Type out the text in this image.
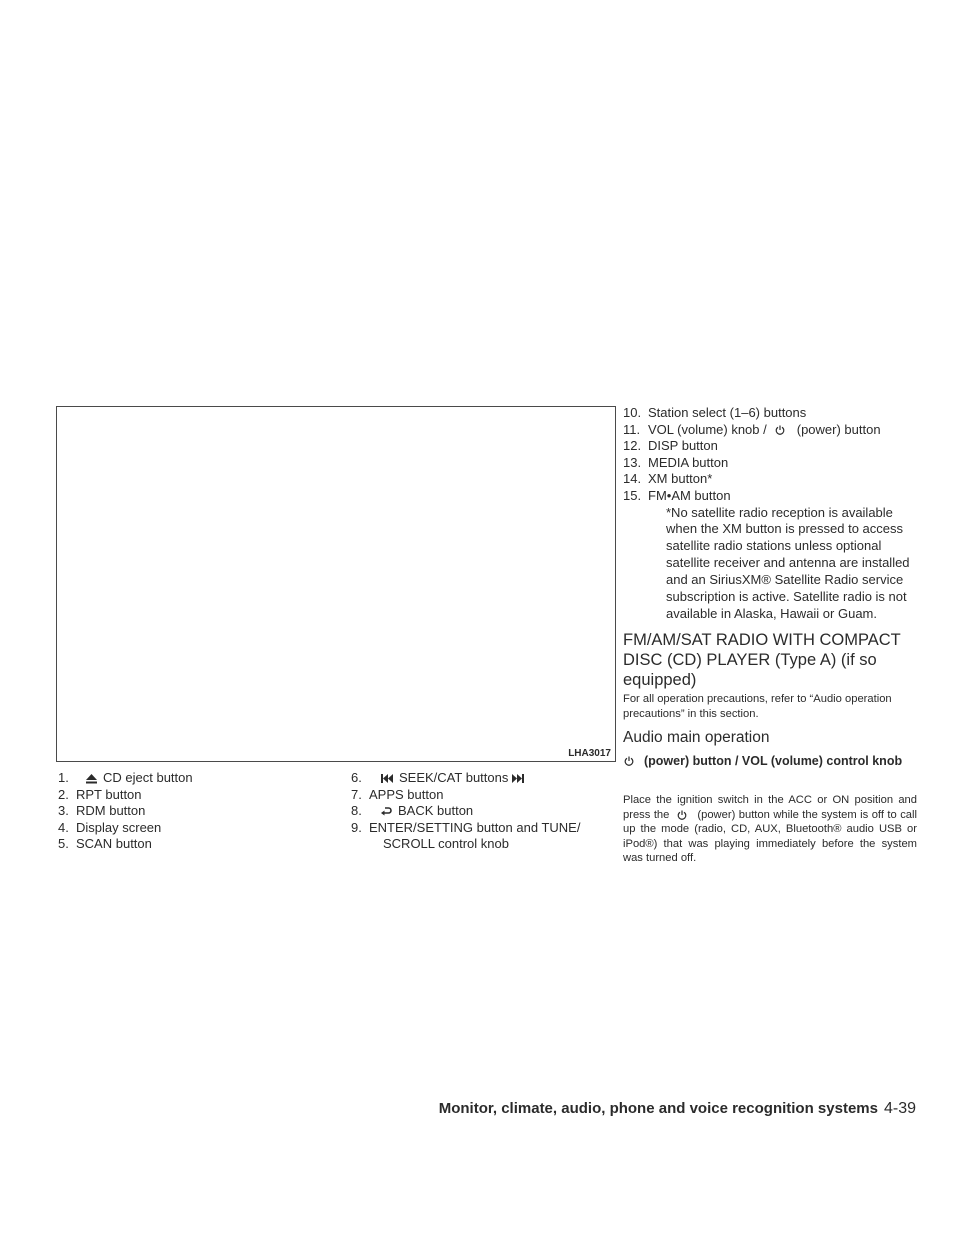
LHA3017
1.	CD eject button
2. RPT button
3. RDM button
4. Display screen
5. SCAN button
6.	SEEK/CAT buttons
7. APPS button
8.	BACK button
9. ENTER/SETTING button and TUNE/
SCROLL control knob
10. Station select (1–6) buttons
11. VOL (volume) knob / (power) button
12. DISP button
13. MEDIA button
14. XM button*
15. FM•AM button

*No satellite radio reception is available when the XM button is pressed to access satellite radio stations unless optional satellite receiver and antenna are installed and an SiriusXM® Satellite Radio service subscription is active. Satellite radio is not available in Alaska, Hawaii or Guam.

FM/AM/SAT RADIO WITH COMPACT DISC (CD) PLAYER (Type A) (if so equipped)

For all operation precautions, refer to “Audio operation precautions” in this section.

Audio main operation

(power) button / VOL (volume) control knob

Place the ignition switch in the ACC or ON position and press the	(power) button while the system is off to call up the mode (radio, CD, AUX, Bluetooth® audio USB or iPod®) that was playing immediately before the system was turned off.

Monitor, climate, audio, phone and voice recognition systems 4-39
